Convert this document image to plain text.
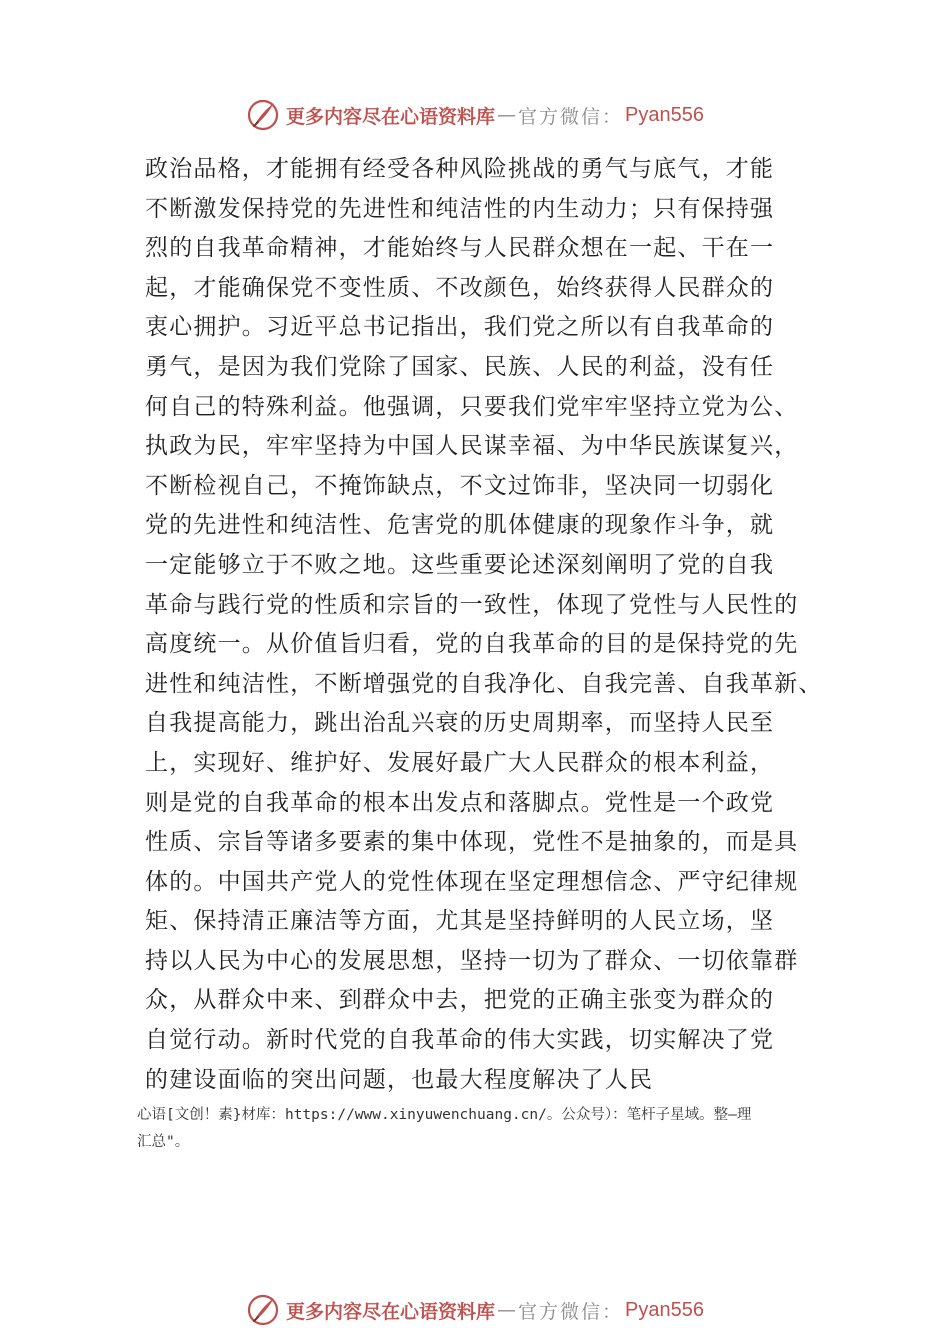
更多内容尽在心语资料库 — 官方微信： Pyan556
政治品格，才能拥有经受各种风险挑战的勇气与底气，才能
不断激发保持党的先进性和纯洁性的内生动力；只有保持强
烈的自我革命精神，才能始终与人民群众想在一起、干在一
起，才能确保党不变性质、不改颜色，始终获得人民群众的
衷心拥护。习近平总书记指出，我们党之所以有自我革命的
勇气，是因为我们党除了国家、民族、人民的利益，没有任
何自己的特殊利益。他强调，只要我们党牢牢坚持立党为公、
执政为民，牢牢坚持为中国人民谋幸福、为中华民族谋复兴，
不断检视自己，不掩饰缺点，不文过饰非，坚决同一切弱化
党的先进性和纯洁性、危害党的肌体健康的现象作斗争，就
一定能够立于不败之地。这些重要论述深刻阐明了党的自我
革命与践行党的性质和宗旨的一致性，体现了党性与人民性的
高度统一。从价值旨归看，党的自我革命的目的是保持党的先
进性和纯洁性，不断增强党的自我净化、自我完善、自我革新、
自我提高能力，跳出治乱兴衰的历史周期率，而坚持人民至
上，实现好、维护好、发展好最广大人民群众的根本利益，
则是党的自我革命的根本出发点和落脚点。党性是一个政党
性质、宗旨等诸多要素的集中体现，党性不是抽象的，而是具
体的。中国共产党人的党性体现在坚定理想信念、严守纪律规
矩、保持清正廉洁等方面，尤其是坚持鲜明的人民立场，坚
持以人民为中心的发展思想，坚持一切为了群众、一切依靠群
众，从群众中来、到群众中去，把党的正确主张变为群众的
自觉行动。新时代党的自我革命的伟大实践，切实解决了党
的建设面临的突出问题，也最大程度解决了人民
心语[文创！素}材库：https://www.xinyuwenchuang.cn/。公众号）：笔杆子星域。整—理
汇总"。
更多内容尽在心语资料库 — 官方微信： Pyan556
